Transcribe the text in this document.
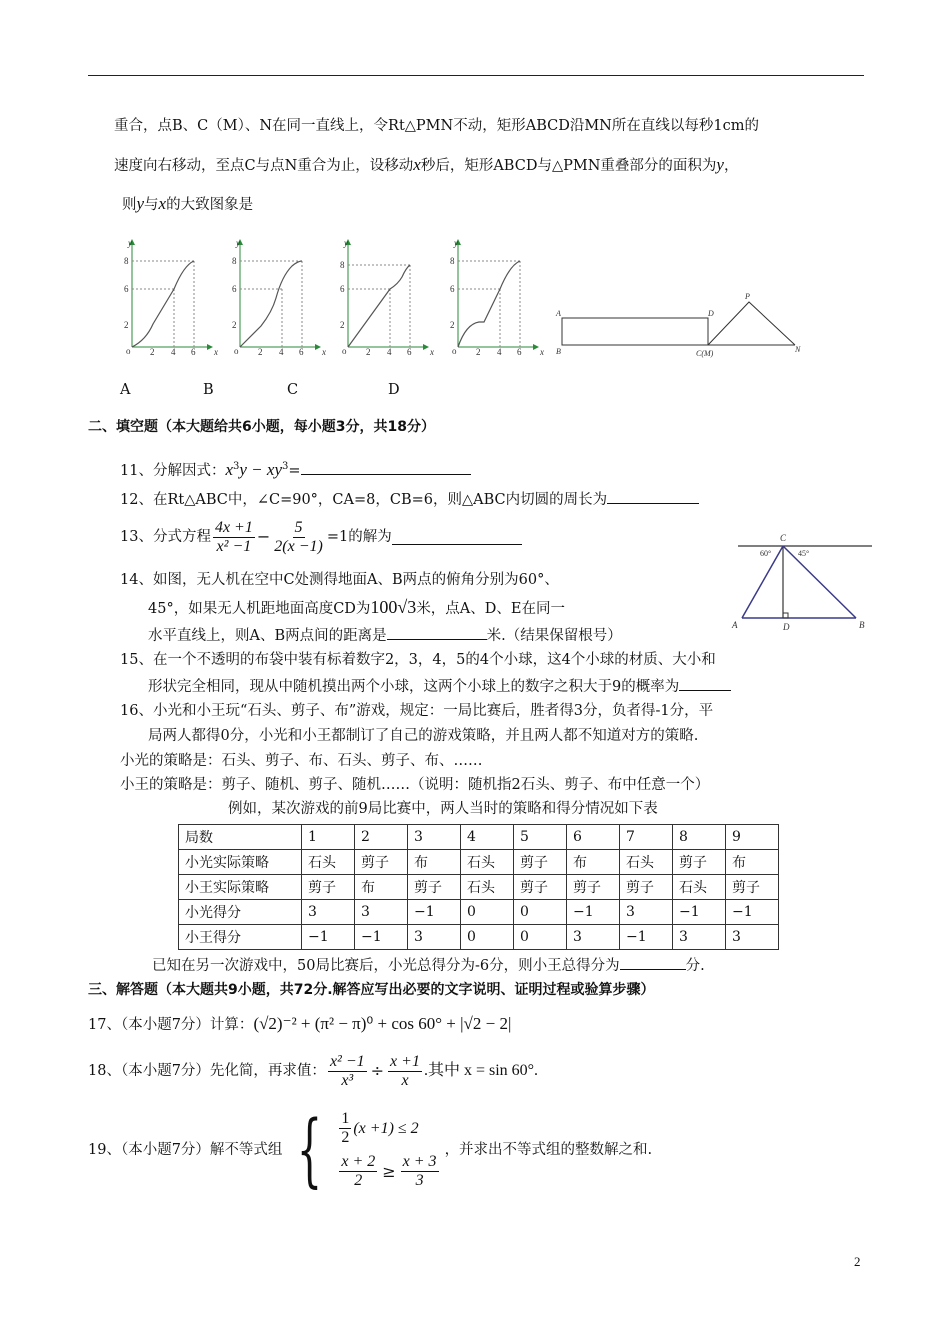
重合，点B、C（M）、N在同一直线上，令Rt△PMN不动，矩形ABCD沿MN所在直线以每秒1cm的
速度向右移动，至点C与点N重合为止，设移动x秒后，矩形ABCD与△PMN重叠部分的面积为y，
则y与x的大致图象是
y
x
y
x
y
x
y
x
o 2 4 6
2
6
8
o 2 4 6
2
6
8
o 2 4 6
2
6
8
o 2 4 6
2
6
8
A
B
D
C(M)
P
N
A	B	C	D
二、填空题（本大题给共6小题，每小题3分，共18分）
11、分解因式：$x^3y - xy^3=$
12、在Rt△ABC中，∠C=90°，CA=8，CB=6，则△ABC内切圆的周长为
13、分式方程 $\frac{4x +1}{\text{x² −1}} - \frac{5}{2(x -1)} =1$的解为
14、如图，无人机在空中C处测得地面A、B两点的俯角分别为60°、
45°，如果无人机距地面高度CD为100√3米，点A、D、E在同一
水平直线上，则A、B两点间的距离是	米.（结果保留根号）
C
A	D	B
60°	45°
15、在一个不透明的布袋中装有标着数字2，3，4，5的4个小球，这4个小球的材质、大小和
形状完全相同，现从中随机摸出两个小球，这两个小球上的数字之积大于9的概率为
16、小光和小王玩“石头、剪子、布”游戏，规定：一局比赛后，胜者得3分，负者得-1分，平
局两人都得0分，小光和小王都制订了自己的游戏策略，并且两人都不知道对方的策略.
小光的策略是：石头、剪子、布、石头、剪子、布、……
小王的策略是：剪子、随机、剪子、随机……（说明：随机指2石头、剪子、布中任意一个）
例如，某次游戏的前9局比赛中，两人当时的策略和得分情况如下表
局数	1	2	3	4	5	6	7	8	9
小光实际策略	石头	剪子	布	石头	剪子	布	石头	剪子	布
小王实际策略	剪子	布	剪子	石头	剪子	剪子	剪子	石头	剪子
小光得分	3	3	−1	0	0	−1	3	−1	−1
小王得分	−1	−1	3	0	0	3	−1	3	3
已知在另一次游戏中，50局比赛后，小光总得分为-6分，则小王总得分为	分.
三、解答题（本大题共9小题，共72分.解答应写出必要的文字说明、证明过程或验算步骤）
17、（本小题7分）计算：(√2)⁻² + (π² − π)⁰ + cos 60° + |√2 − 2|
18、（本小题7分）先化简，再求值： $\frac{\text{x² −1}}{\text{x³}} \div \frac{x +1}{x}$ .其中 x = sin 60°.
19、（本小题7分）解不等式组 { $\frac{1}{2} (x +1) \le 2$
$\frac{x + 2}{2} \ge \frac{x + 3}{3}$
，并求出不等式组的整数解之和.
2
